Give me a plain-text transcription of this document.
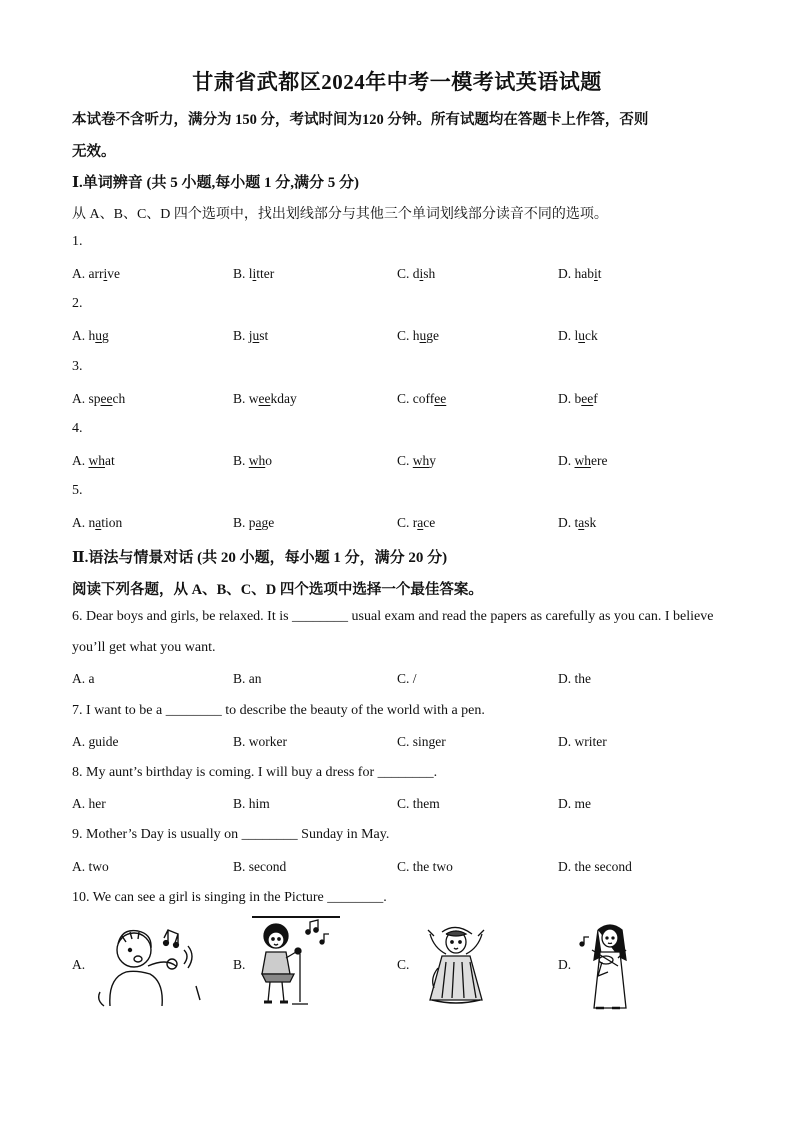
甘肃省武都区2024年中考一模考试英语试题
本试卷不含听力，满分为 150 分，考试时间为120 分钟。所有试题均在答题卡上作答，否则
无效。
Ⅰ.单词辨音 (共 5 小题,每小题 1 分,满分 5 分)
从 A、B、C、D 四个选项中，找出划线部分与其他三个单词划线部分读音不同的选项。
1.
A. arrive	B. litter	C. dish	D. habit
2.
A. hug	B. just	C. huge	D. luck
3.
A. speech	B. weekday	C. coffee	D. beef
4.
A. what	B. who	C. why	D. where
5.
A. nation	B. page	C. race	D. task
Ⅱ.语法与情景对话 (共 20 小题，每小题 1 分，满分 20 分)
阅读下列各题，从 A、B、C、D 四个选项中选择一个最佳答案。
6. Dear boys and girls, be relaxed. It is ________ usual exam and read the papers as carefully as you can. I believe
you’ll get what you want.
A. a	B. an	C. /	D. the
7. I want to be a ________ to describe the beauty of the world with a pen.
A. guide	B. worker	C. singer	D. writer
8. My aunt’s birthday is coming. I will buy a dress for ________.
A. her	B. him	C. them	D. me
9. Mother’s Day is usually on ________ Sunday in May.
A. two	B. second	C. the two	D. the second
10. We can see a girl is singing in the Picture ________.
A.	B.	C.	D.
